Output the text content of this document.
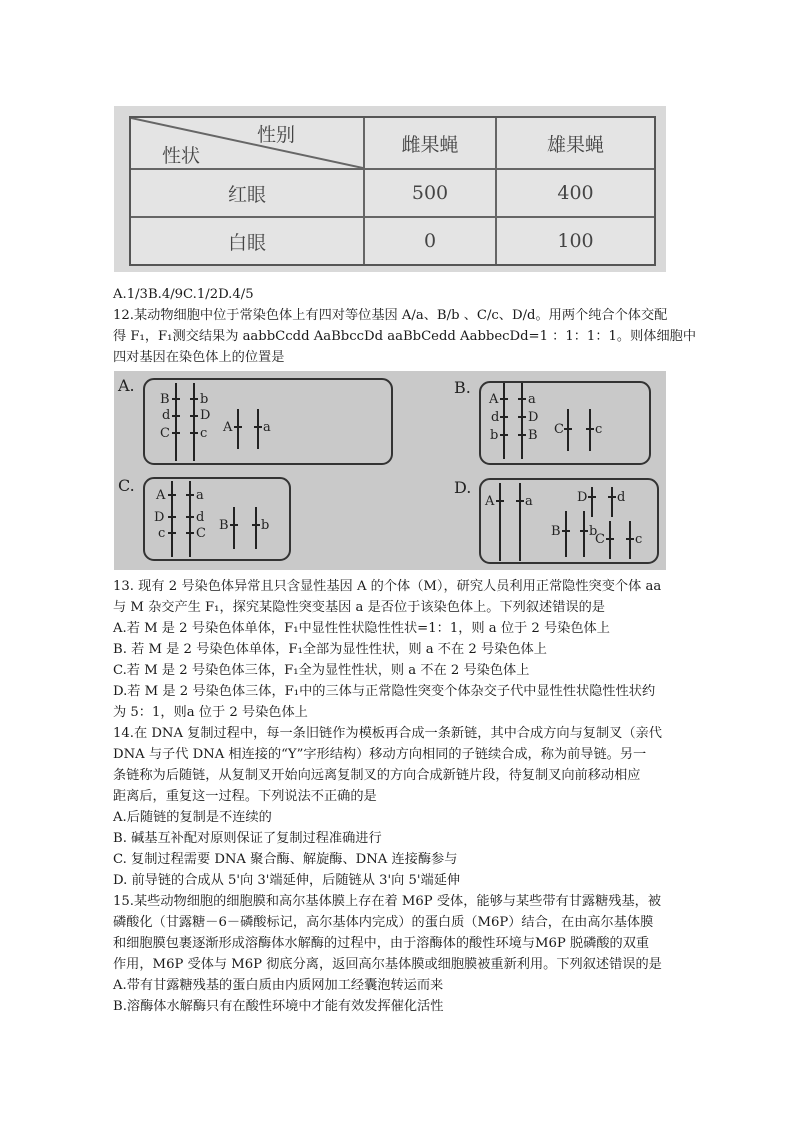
性别
性状	雌果蝇	雄果蝇
红眼	500	400
白眼	0	100
A.1/3B.4/9C.1/2D.4/5
12.某动物细胞中位于常染色体上有四对等位基因 A/a、B/b 、C/c、D/d。用两个纯合个体交配
得 F₁，F₁测交结果为 aabbCcdd AaBbccDd aaBbCedd AabbecDd=1 ：1：1：1。则体细胞中
四对基因在染色体上的位置是
A.
B
d
C
b
D
c A a
B.
A
d
b
a
D
B C c
C.
A
D
c
a
d
C
B b
D.
A a	D d
B b
C c
13. 现有 2 号染色体异常且只含显性基因 A 的个体（M），研究人员利用正常隐性突变个体 aa
与 M 杂交产生 F₁，探究某隐性突变基因 a 是否位于该染色体上。下列叙述错误的是
A.若 M 是 2 号染色体单体，F₁中显性性状隐性性状=1：1，则 a 位于 2 号染色体上
B. 若 M 是 2 号染色体单体，F₁全部为显性性状，则 a 不在 2 号染色体上
C.若 M 是 2 号染色体三体，F₁全为显性性状，则 a 不在 2 号染色体上
D.若 M 是 2 号染色体三体，F₁中的三体与正常隐性突变个体杂交子代中显性性状隐性性状约
为 5：1，则a 位于 2 号染色体上
14.在 DNA 复制过程中，每一条旧链作为模板再合成一条新链，其中合成方向与复制叉（亲代
DNA 与子代 DNA 相连接的“Y”字形结构）移动方向相同的子链续合成，称为前导链。另一
条链称为后随链，从复制叉开始向远离复制叉的方向合成新链片段，待复制叉向前移动相应
距离后，重复这一过程。下列说法不正确的是
A.后随链的复制是不连续的
B. 碱基互补配对原则保证了复制过程准确进行
C. 复制过程需要 DNA 聚合酶、解旋酶、DNA 连接酶参与
D. 前导链的合成从 5'向 3'端延伸，后随链从 3'向 5'端延伸
15.某些动物细胞的细胞膜和高尔基体膜上存在着 M6P 受体，能够与某些带有甘露糖残基，被
磷酸化（甘露糖－6－磷酸标记，高尔基体内完成）的蛋白质（M6P）结合，在由高尔基体膜
和细胞膜包裹逐渐形成溶酶体水解酶的过程中，由于溶酶体的酸性环境与M6P 脱磷酸的双重
作用，M6P 受体与 M6P 彻底分离，返回高尔基体膜或细胞膜被重新利用。下列叙述错误的是
A.带有甘露糖残基的蛋白质由内质网加工经囊泡转运而来
B.溶酶体水解酶只有在酸性环境中才能有效发挥催化活性
